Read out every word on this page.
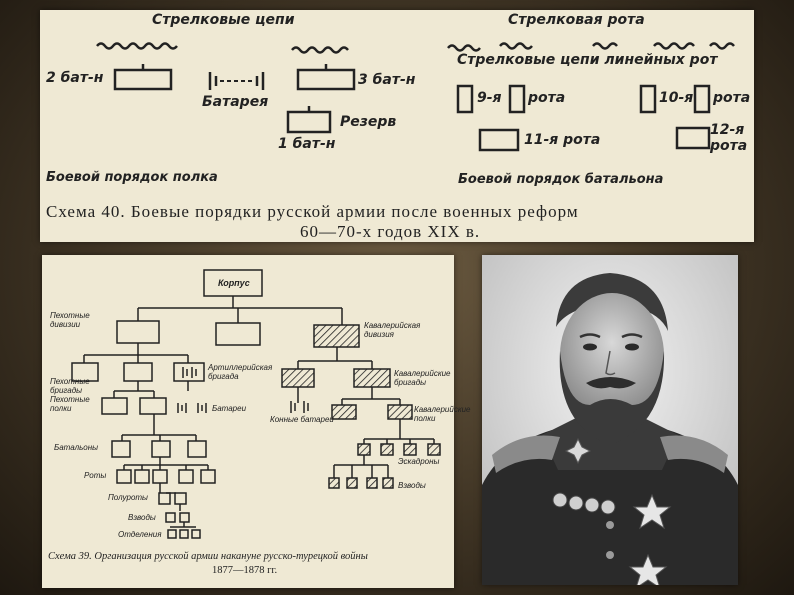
Стрелковые цепи	Стрелковая рота
2 бат-н
Батарея
3 бат-н
Резерв
1 бат-н
Стрелковые цепи линейных рот
9-я рота	10-я рота
11-я рота
12-я
рота
Боевой порядок полка	Боевой порядок батальона
Схема 40. Боевые порядки русской армии после военных реформ
60—70-х годов XIX в.
Корпус
Пехотные дивизии	Кавалерийская дивизия
Артиллерийская бригада
Пехотные бригады
Пехотные полки	Батареи
Кавалерийские бригады
Конные батареи
Кавалерийские полки
Батальоны
Роты
Полуроты
Взводы
Отделения
Эскадроны
Взводы
Схема 39. Организация русской армии накануне русско-турецкой войны
1877—1878 гг.
